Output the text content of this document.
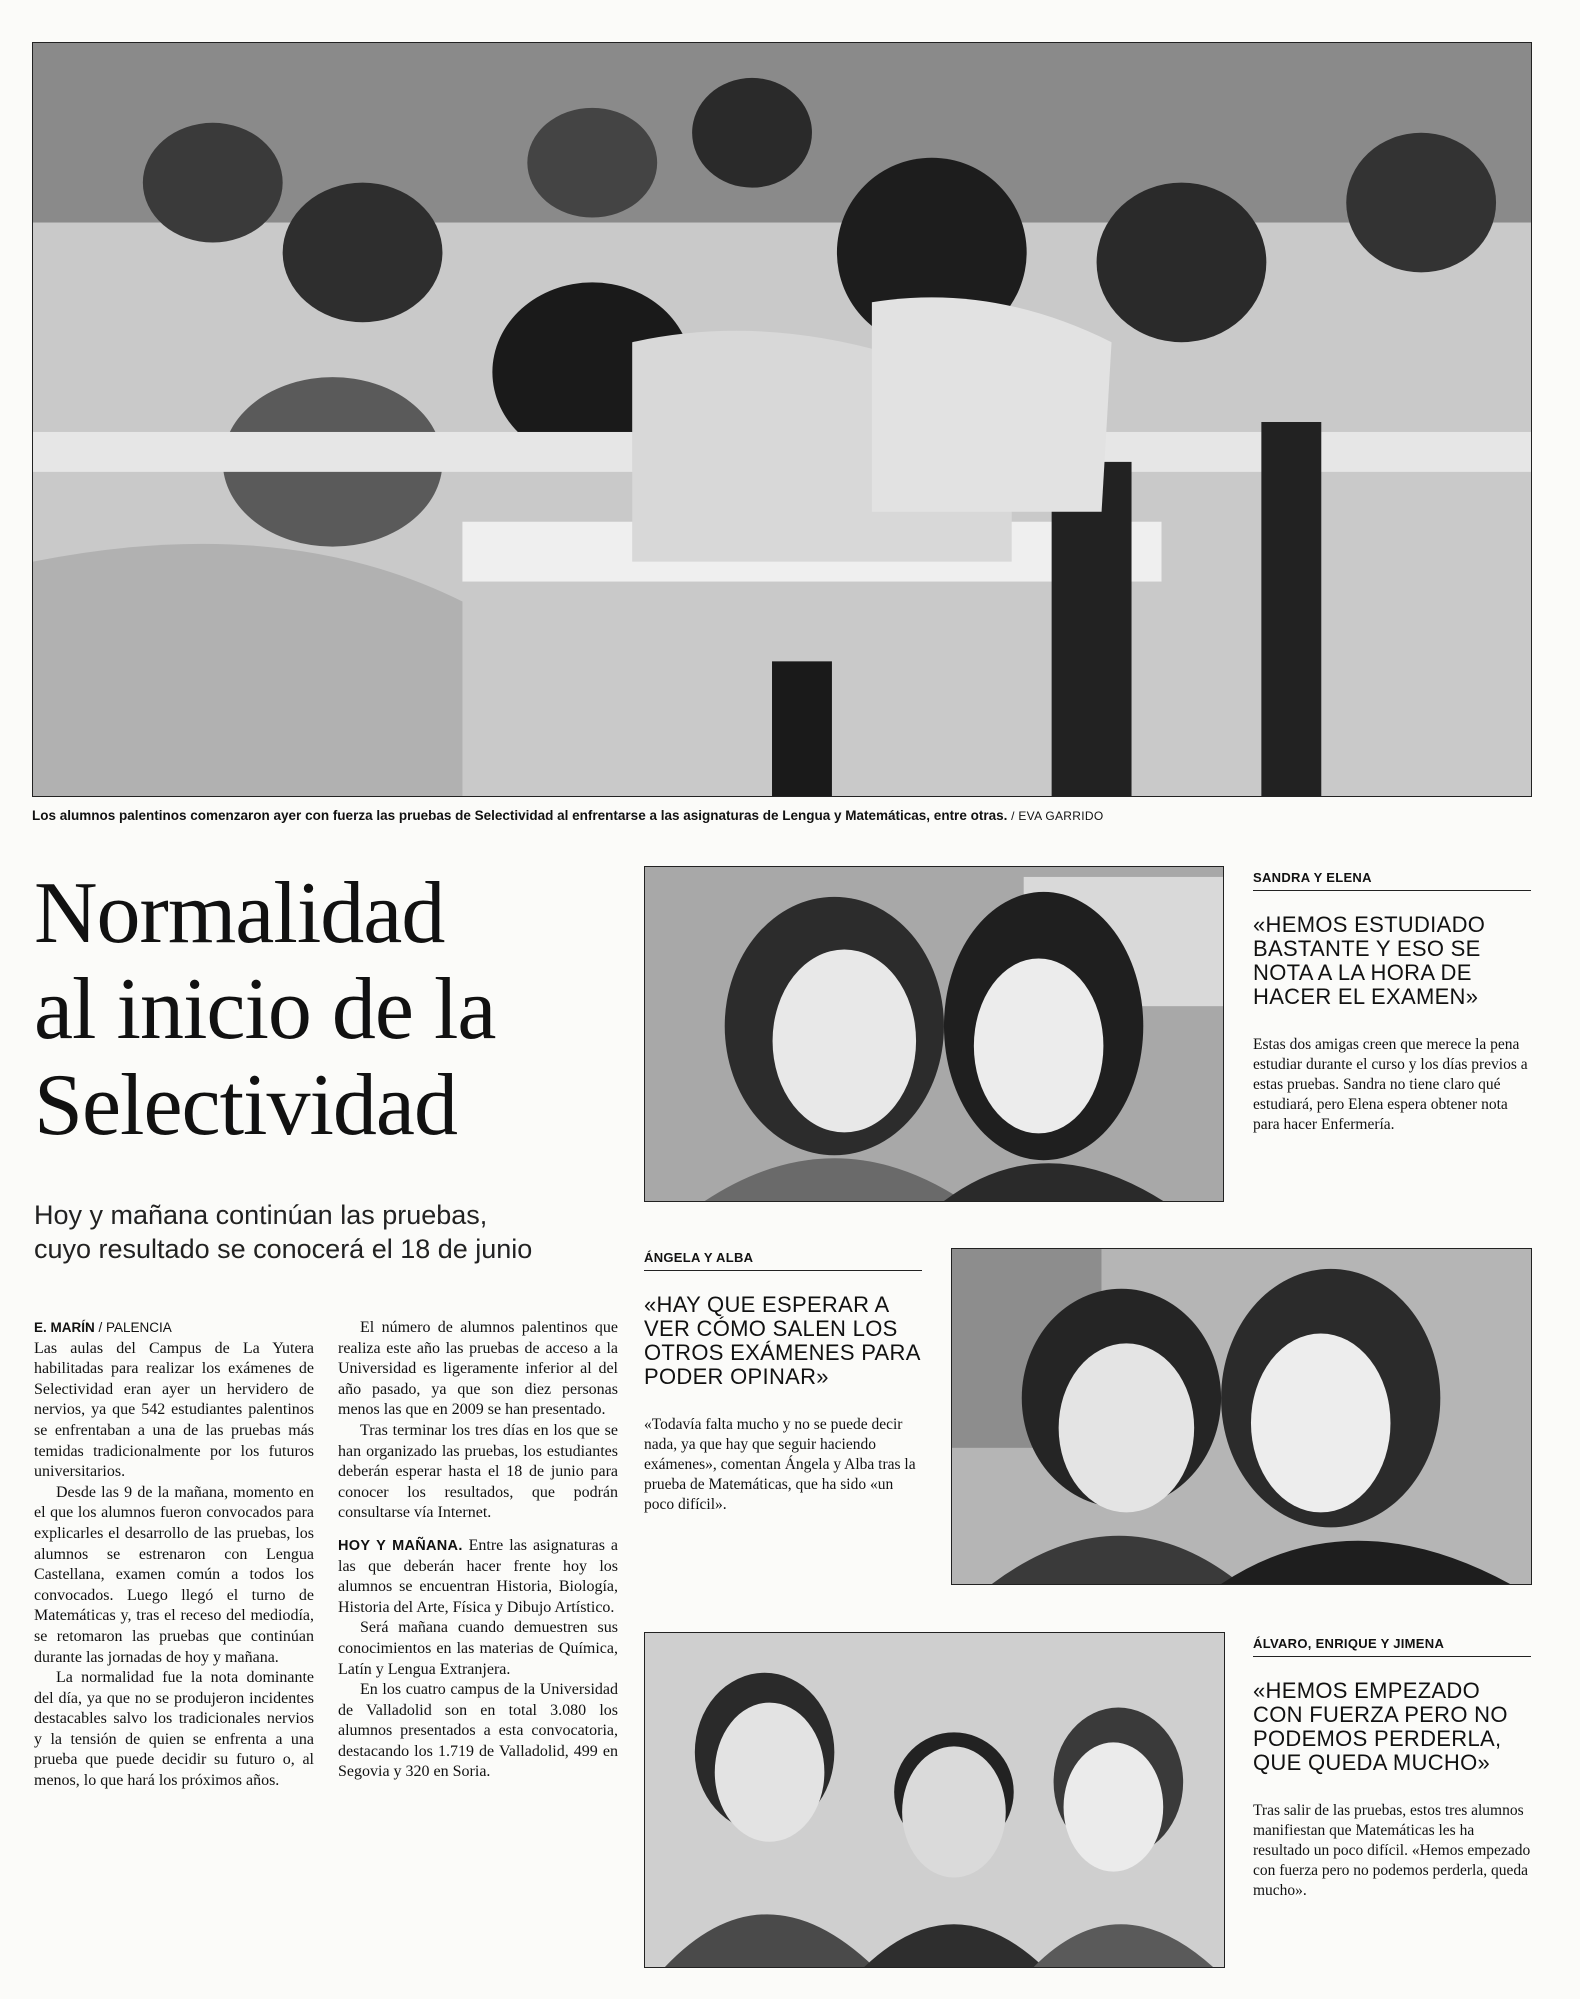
Los alumnos palentinos comenzaron ayer con fuerza las pruebas de Selectividad al enfrentarse a las asignaturas de Lengua y Matemáticas, entre otras. / EVA GARRIDO
Normalidad
al inicio de la
Selectividad
Hoy y mañana continúan las pruebas,
cuyo resultado se conocerá el 18 de junio
E. MARÍN / PALENCIA

Las aulas del Campus de La Yutera habilitadas para realizar los exámenes de Selectividad eran ayer un hervidero de nervios, ya que 542 estudiantes palentinos se enfrentaban a una de las pruebas más temidas tradicionalmente por los futuros universitarios.

Desde las 9 de la mañana, momento en el que los alumnos fueron convocados para explicarles el desarrollo de las pruebas, los alumnos se estrenaron con Lengua Castellana, examen común a todos los convocados. Luego llegó el turno de Matemáticas y, tras el receso del mediodía, se retomaron las pruebas que continúan durante las jornadas de hoy y mañana.

La normalidad fue la nota dominante del día, ya que no se produjeron incidentes destacables salvo los tradicionales nervios y la tensión de quien se enfrenta a una prueba que puede decidir su futuro o, al menos, lo que hará los próximos años.

El número de alumnos palentinos que realiza este año las pruebas de acceso a la Universidad es ligeramente inferior al del año pasado, ya que son diez personas menos las que en 2009 se han presentado.

Tras terminar los tres días en los que se han organizado las pruebas, los estudiantes deberán esperar hasta el 18 de junio para conocer los resultados, que podrán consultarse vía Internet.

HOY Y MAÑANA. Entre las asignaturas a las que deberán hacer frente hoy los alumnos se encuentran Historia, Biología, Historia del Arte, Física y Dibujo Artístico.

Será mañana cuando demuestren sus conocimientos en las materias de Química, Latín y Lengua Extranjera.

En los cuatro campus de la Universidad de Valladolid son en total 3.080 los alumnos presentados a esta convocatoria, destacando los 1.719 de Valladolid, 499 en Segovia y 320 en Soria.

SANDRA Y ELENA
«HEMOS ESTUDIADO BASTANTE Y ESO SE NOTA A LA HORA DE HACER EL EXAMEN»
Estas dos amigas creen que merece la pena estudiar durante el curso y los días previos a estas pruebas. Sandra no tiene claro qué estudiará, pero Elena espera obtener nota para hacer Enfermería.
ÁNGELA Y ALBA
«HAY QUE ESPERAR A VER CÓMO SALEN LOS OTROS EXÁMENES PARA PODER OPINAR»
«Todavía falta mucho y no se puede decir nada, ya que hay que seguir haciendo exámenes», comentan Ángela y Alba tras la prueba de Matemáticas, que ha sido «un poco difícil».
ÁLVARO, ENRIQUE Y JIMENA
«HEMOS EMPEZADO CON FUERZA PERO NO PODEMOS PERDERLA, QUE QUEDA MUCHO»
Tras salir de las pruebas, estos tres alumnos manifiestan que Matemáticas les ha resultado un poco difícil. «Hemos empezado con fuerza pero no podemos perderla, queda mucho».
